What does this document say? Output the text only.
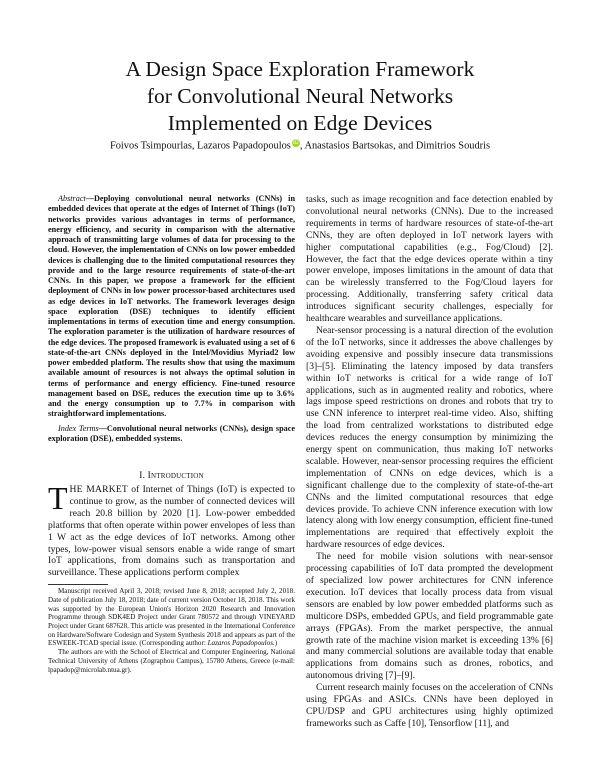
A Design Space Exploration Framework
for Convolutional Neural Networks
Implemented on Edge Devices
Foivos Tsimpourlas, Lazaros Papadopoulos iD, Anastasios Bartsokas, and Dimitrios Soudris

Abstract—Deploying convolutional neural networks (CNNs) in embedded devices that operate at the edges of Internet of Things (IoT) networks provides various advantages in terms of performance, energy efficiency, and security in comparison with the alternative approach of transmitting large volumes of data for processing to the cloud. However, the implementation of CNNs on low power embedded devices is challenging due to the limited computational resources they provide and to the large resource requirements of state-of-the-art CNNs. In this paper, we propose a framework for the efficient deployment of CNNs in low power processor-based architectures used as edge devices in IoT networks. The framework leverages design space exploration (DSE) techniques to identify efficient implementations in terms of execution time and energy consumption. The exploration parameter is the utilization of hardware resources of the edge devices. The proposed framework is evaluated using a set of 6 state-of-the-art CNNs deployed in the Intel/Movidius Myriad2 low power embedded platform. The results show that using the maximum available amount of resources is not always the optimal solution in terms of performance and energy efficiency. Fine-tuned resource management based on DSE, reduces the execution time up to 3.6% and the energy consumption up to 7.7% in comparison with straightforward implementations.

Index Terms—Convolutional neural networks (CNNs), design space exploration (DSE), embedded systems.

I. Introduction

THE MARKET of Internet of Things (IoT) is expected to continue to grow, as the number of connected devices will reach 20.8 billion by 2020 [1]. Low-power embedded platforms that often operate within power envelopes of less than 1 W act as the edge devices of IoT networks. Among other types, low-power visual sensors enable a wide range of smart IoT applications, from domains such as transportation and surveillance. These applications perform complex

Manuscript received April 3, 2018; revised June 8, 2018; accepted July 2, 2018. Date of publication July 18, 2018; date of current version October 18, 2018. This work was supported by the European Union's Horizon 2020 Research and Innovation Programme through SDK4ED Project under Grant 780572 and through VINEYARD Project under Grant 687628. This article was presented in the International Conference on Hardware/Software Codesign and System Synthesis 2018 and appears as part of the ESWEEK-TCAD special issue. (Corresponding author: Lazaros Papadopoulos.)

The authors are with the School of Electrical and Computer Engineering, National Technical University of Athens (Zographou Campus), 15780 Athens, Greece (e-mail: lpapadop@microlab.ntua.gr).

tasks, such as image recognition and face detection enabled by convolutional neural networks (CNNs). Due to the increased requirements in terms of hardware resources of state-of-the-art CNNs, they are often deployed in IoT network layers with higher computational capabilities (e.g., Fog/Cloud) [2]. However, the fact that the edge devices operate within a tiny power envelope, imposes limitations in the amount of data that can be wirelessly transferred to the Fog/Cloud layers for processing. Additionally, transferring safety critical data introduces significant security challenges, especially for healthcare wearables and surveillance applications.

Near-sensor processing is a natural direction of the evolution of the IoT networks, since it addresses the above challenges by avoiding expensive and possibly insecure data transmissions [3]–[5]. Eliminating the latency imposed by data transfers within IoT networks is critical for a wide range of IoT applications, such as in augmented reality and robotics, where lags impose speed restrictions on drones and robots that try to use CNN inference to interpret real-time video. Also, shifting the load from centralized workstations to distributed edge devices reduces the energy consumption by minimizing the energy spent on communication, thus making IoT networks scalable. However, near-sensor processing requires the efficient implementation of CNNs on edge devices, which is a significant challenge due to the complexity of state-of-the-art CNNs and the limited computational resources that edge devices provide. To achieve CNN inference execution with low latency along with low energy consumption, efficient fine-tuned implementations are required that effectively exploit the hardware resources of edge devices.

The need for mobile vision solutions with near-sensor processing capabilities of IoT data prompted the development of specialized low power architectures for CNN inference execution. IoT devices that locally process data from visual sensors are enabled by low power embedded platforms such as multicore DSPs, embedded GPUs, and field programmable gate arrays (FPGAs). From the market perspective, the annual growth rate of the machine vision market is exceeding 13% [6] and many commercial solutions are available today that enable applications from domains such as drones, robotics, and autonomous driving [7]–[9].

Current research mainly focuses on the acceleration of CNNs using FPGAs and ASICs. CNNs have been deployed in CPU/DSP and GPU architectures using highly optimized frameworks such as Caffe [10], Tensorflow [11], and
